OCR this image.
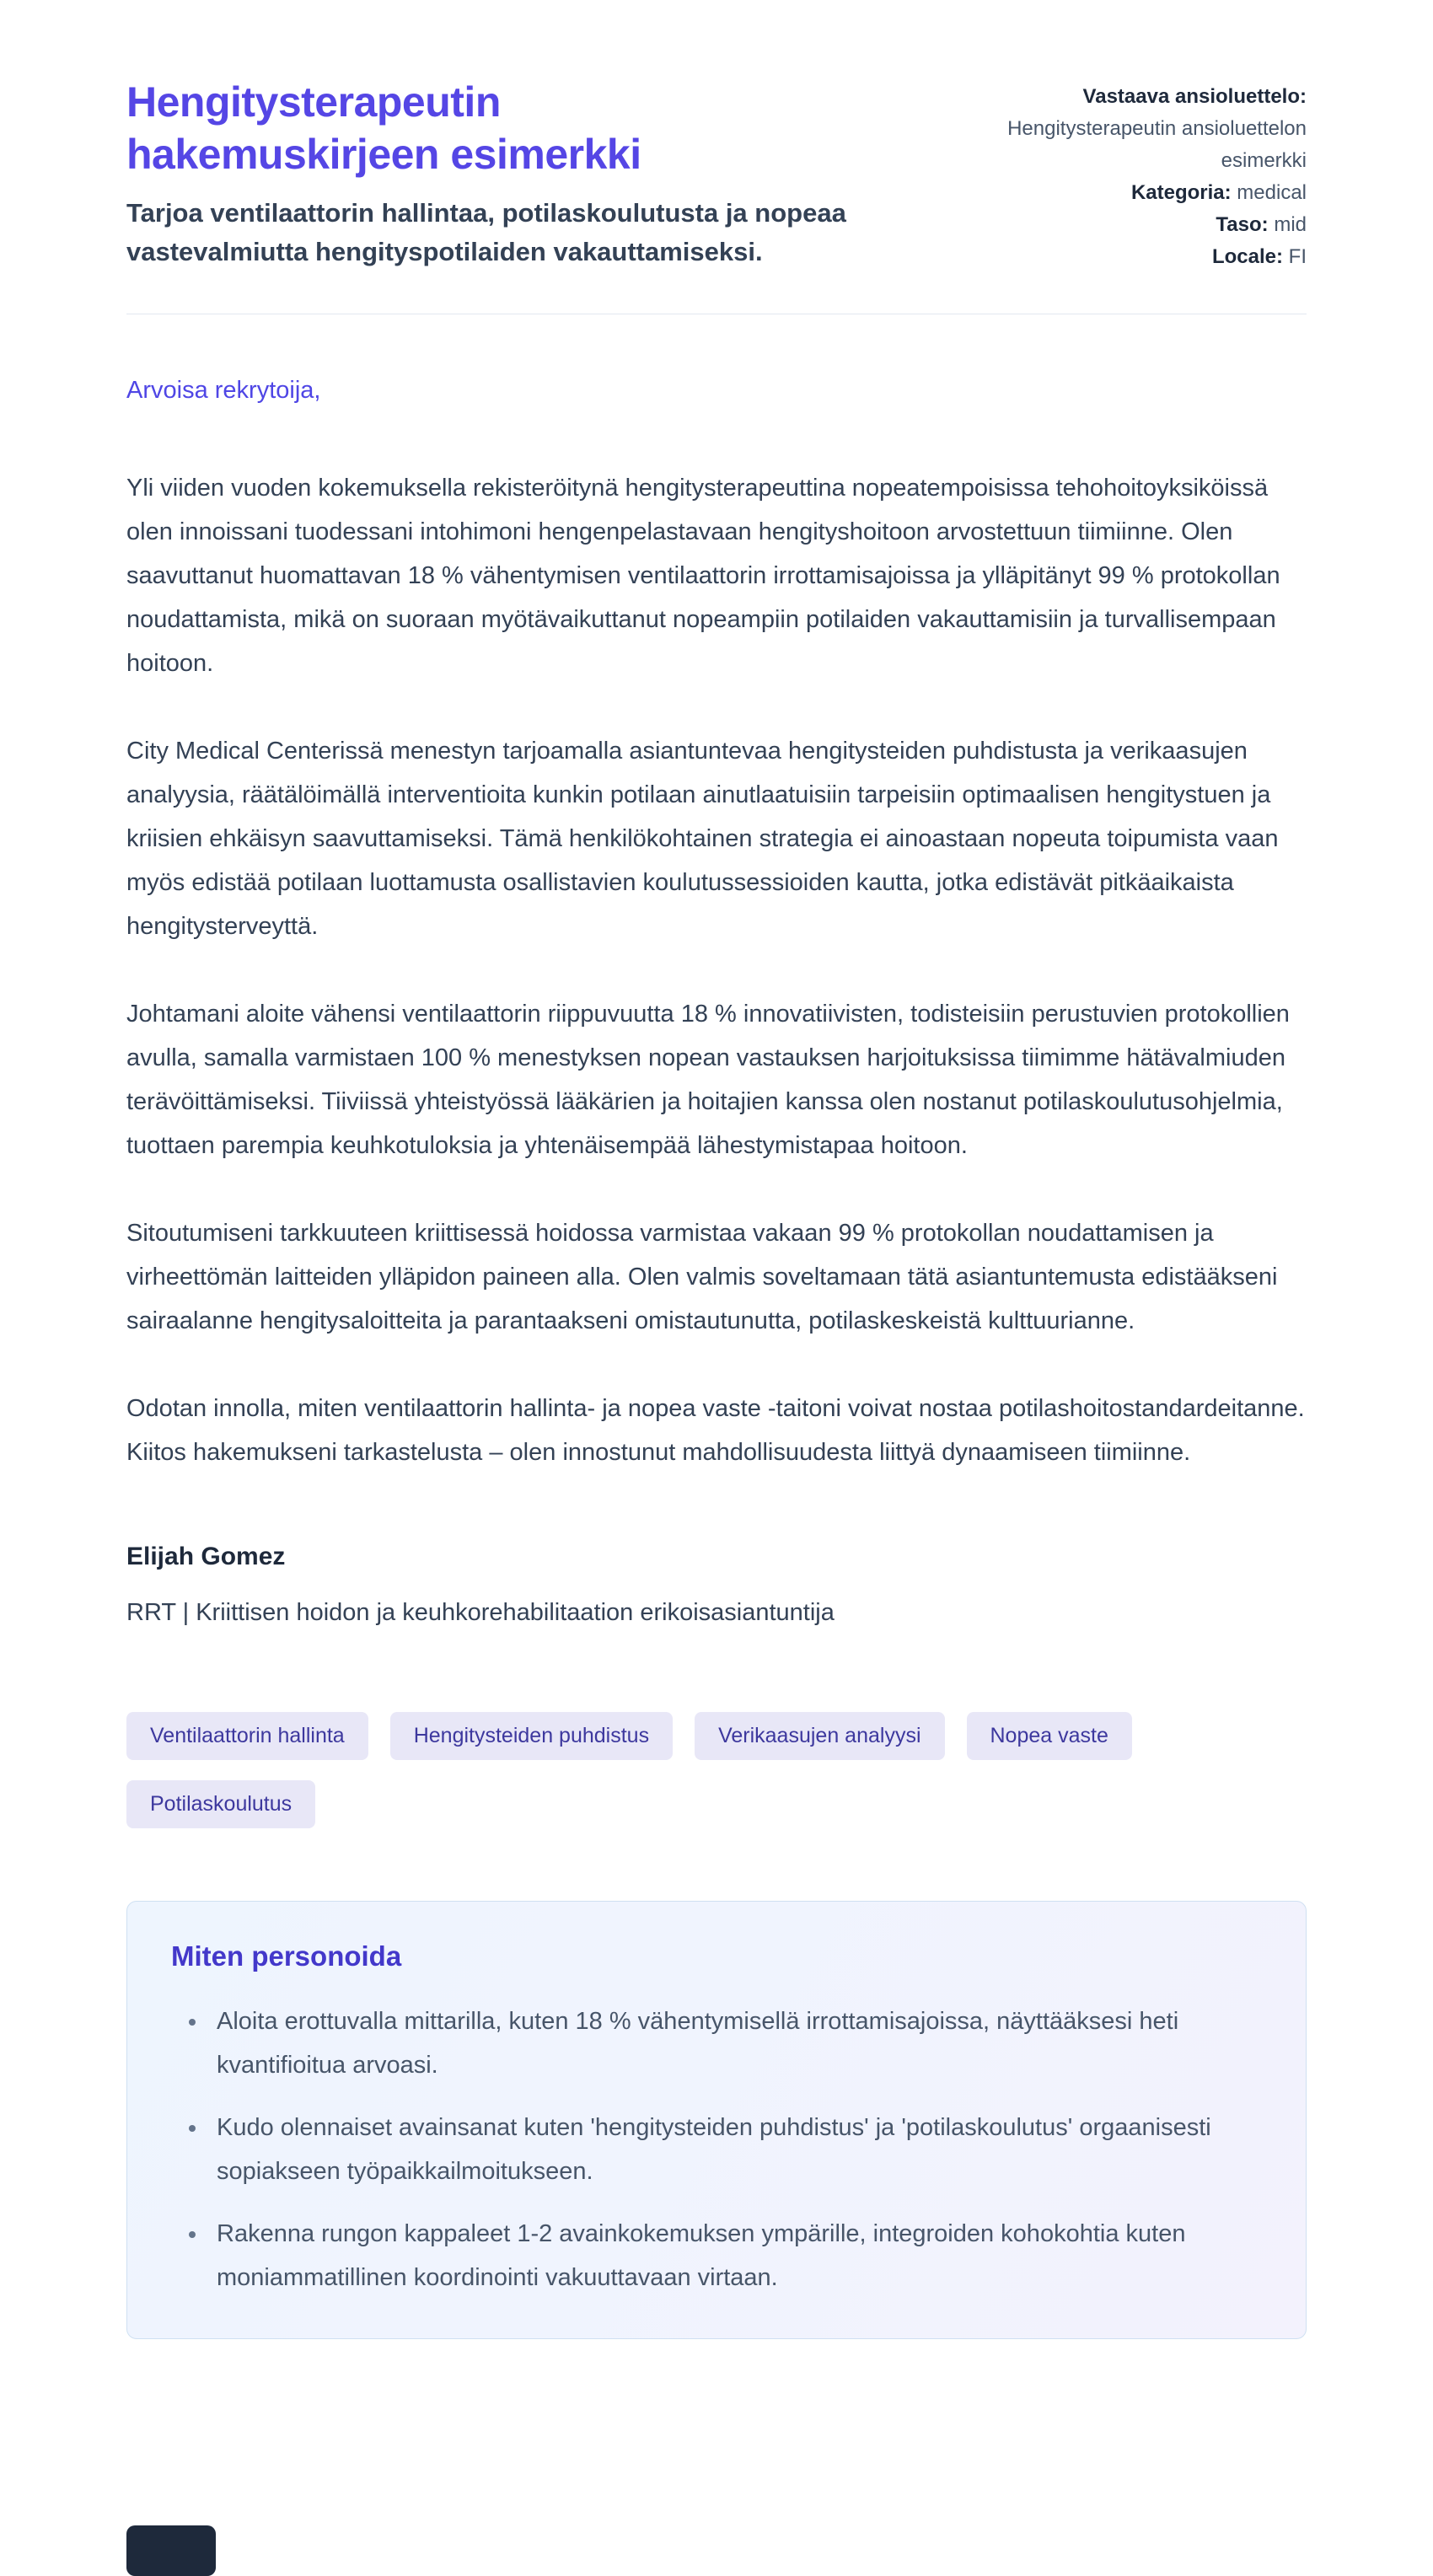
Hengitysterapeutin
hakemuskirjeen esimerkki

Tarjoa ventilaattorin hallintaa, potilaskoulutusta ja nopeaa vastevalmiutta hengityspotilaiden vakauttamiseksi.

Vastaava ansioluettelo:

Hengitysterapeutin ansioluettelon esimerkki

Kategoria: medical

Taso: mid

Locale: FI

Arvoisa rekrytoija,

Yli viiden vuoden kokemuksella rekisteröitynä hengitysterapeuttina nopeatempoisissa tehohoitoyksiköissä olen innoissani tuodessani intohimoni hengenpelastavaan hengityshoitoon arvostettuun tiimiinne. Olen saavuttanut huomattavan 18 % vähentymisen ventilaattorin irrottamisajoissa ja ylläpitänyt 99 % protokollan noudattamista, mikä on suoraan myötävaikuttanut nopeampiin potilaiden vakauttamisiin ja turvallisempaan hoitoon.

City Medical Centerissä menestyn tarjoamalla asiantuntevaa hengitysteiden puhdistusta ja verikaasujen analyysia, räätälöimällä interventioita kunkin potilaan ainutlaatuisiin tarpeisiin optimaalisen hengitystuen ja kriisien ehkäisyn saavuttamiseksi. Tämä henkilökohtainen strategia ei ainoastaan nopeuta toipumista vaan myös edistää potilaan luottamusta osallistavien koulutussessioiden kautta, jotka edistävät pitkäaikaista hengitysterveyttä.

Johtamani aloite vähensi ventilaattorin riippuvuutta 18 % innovatiivisten, todisteisiin perustuvien protokollien avulla, samalla varmistaen 100 % menestyksen nopean vastauksen harjoituksissa tiimimme hätävalmiuden terävöittämiseksi. Tiiviissä yhteistyössä lääkärien ja hoitajien kanssa olen nostanut potilaskoulutusohjelmia, tuottaen parempia keuhkotuloksia ja yhtenäisempää lähestymistapaa hoitoon.

Sitoutumiseni tarkkuuteen kriittisessä hoidossa varmistaa vakaan 99 % protokollan noudattamisen ja virheettömän laitteiden ylläpidon paineen alla. Olen valmis soveltamaan tätä asiantuntemusta edistääkseni sairaalanne hengitysaloitteita ja parantaakseni omistautunutta, potilaskeskeistä kulttuurianne.

Odotan innolla, miten ventilaattorin hallinta- ja nopea vaste -taitoni voivat nostaa potilashoitostandardeitanne. Kiitos hakemukseni tarkastelusta – olen innostunut mahdollisuudesta liittyä dynaamiseen tiimiinne.

Elijah Gomez

RRT | Kriittisen hoidon ja keuhkorehabilitaation erikoisasiantuntija

Ventilaattorin hallinta	Hengitysteiden puhdistus	Verikaasujen analyysi	Nopea vaste
Potilaskoulutus
Miten personoida
• Aloita erottuvalla mittarilla, kuten 18 % vähentymisellä irrottamisajoissa, näyttääksesi heti kvantifioitua arvoasi.
• Kudo olennaiset avainsanat kuten 'hengitysteiden puhdistus' ja 'potilaskoulutus' orgaanisesti sopiakseen työpaikkailmoitukseen.
• Rakenna rungon kappaleet 1-2 avainkokemuksen ympärille, integroiden kohokohtia kuten moniammatillinen koordinointi vakuuttavaan virtaan.
